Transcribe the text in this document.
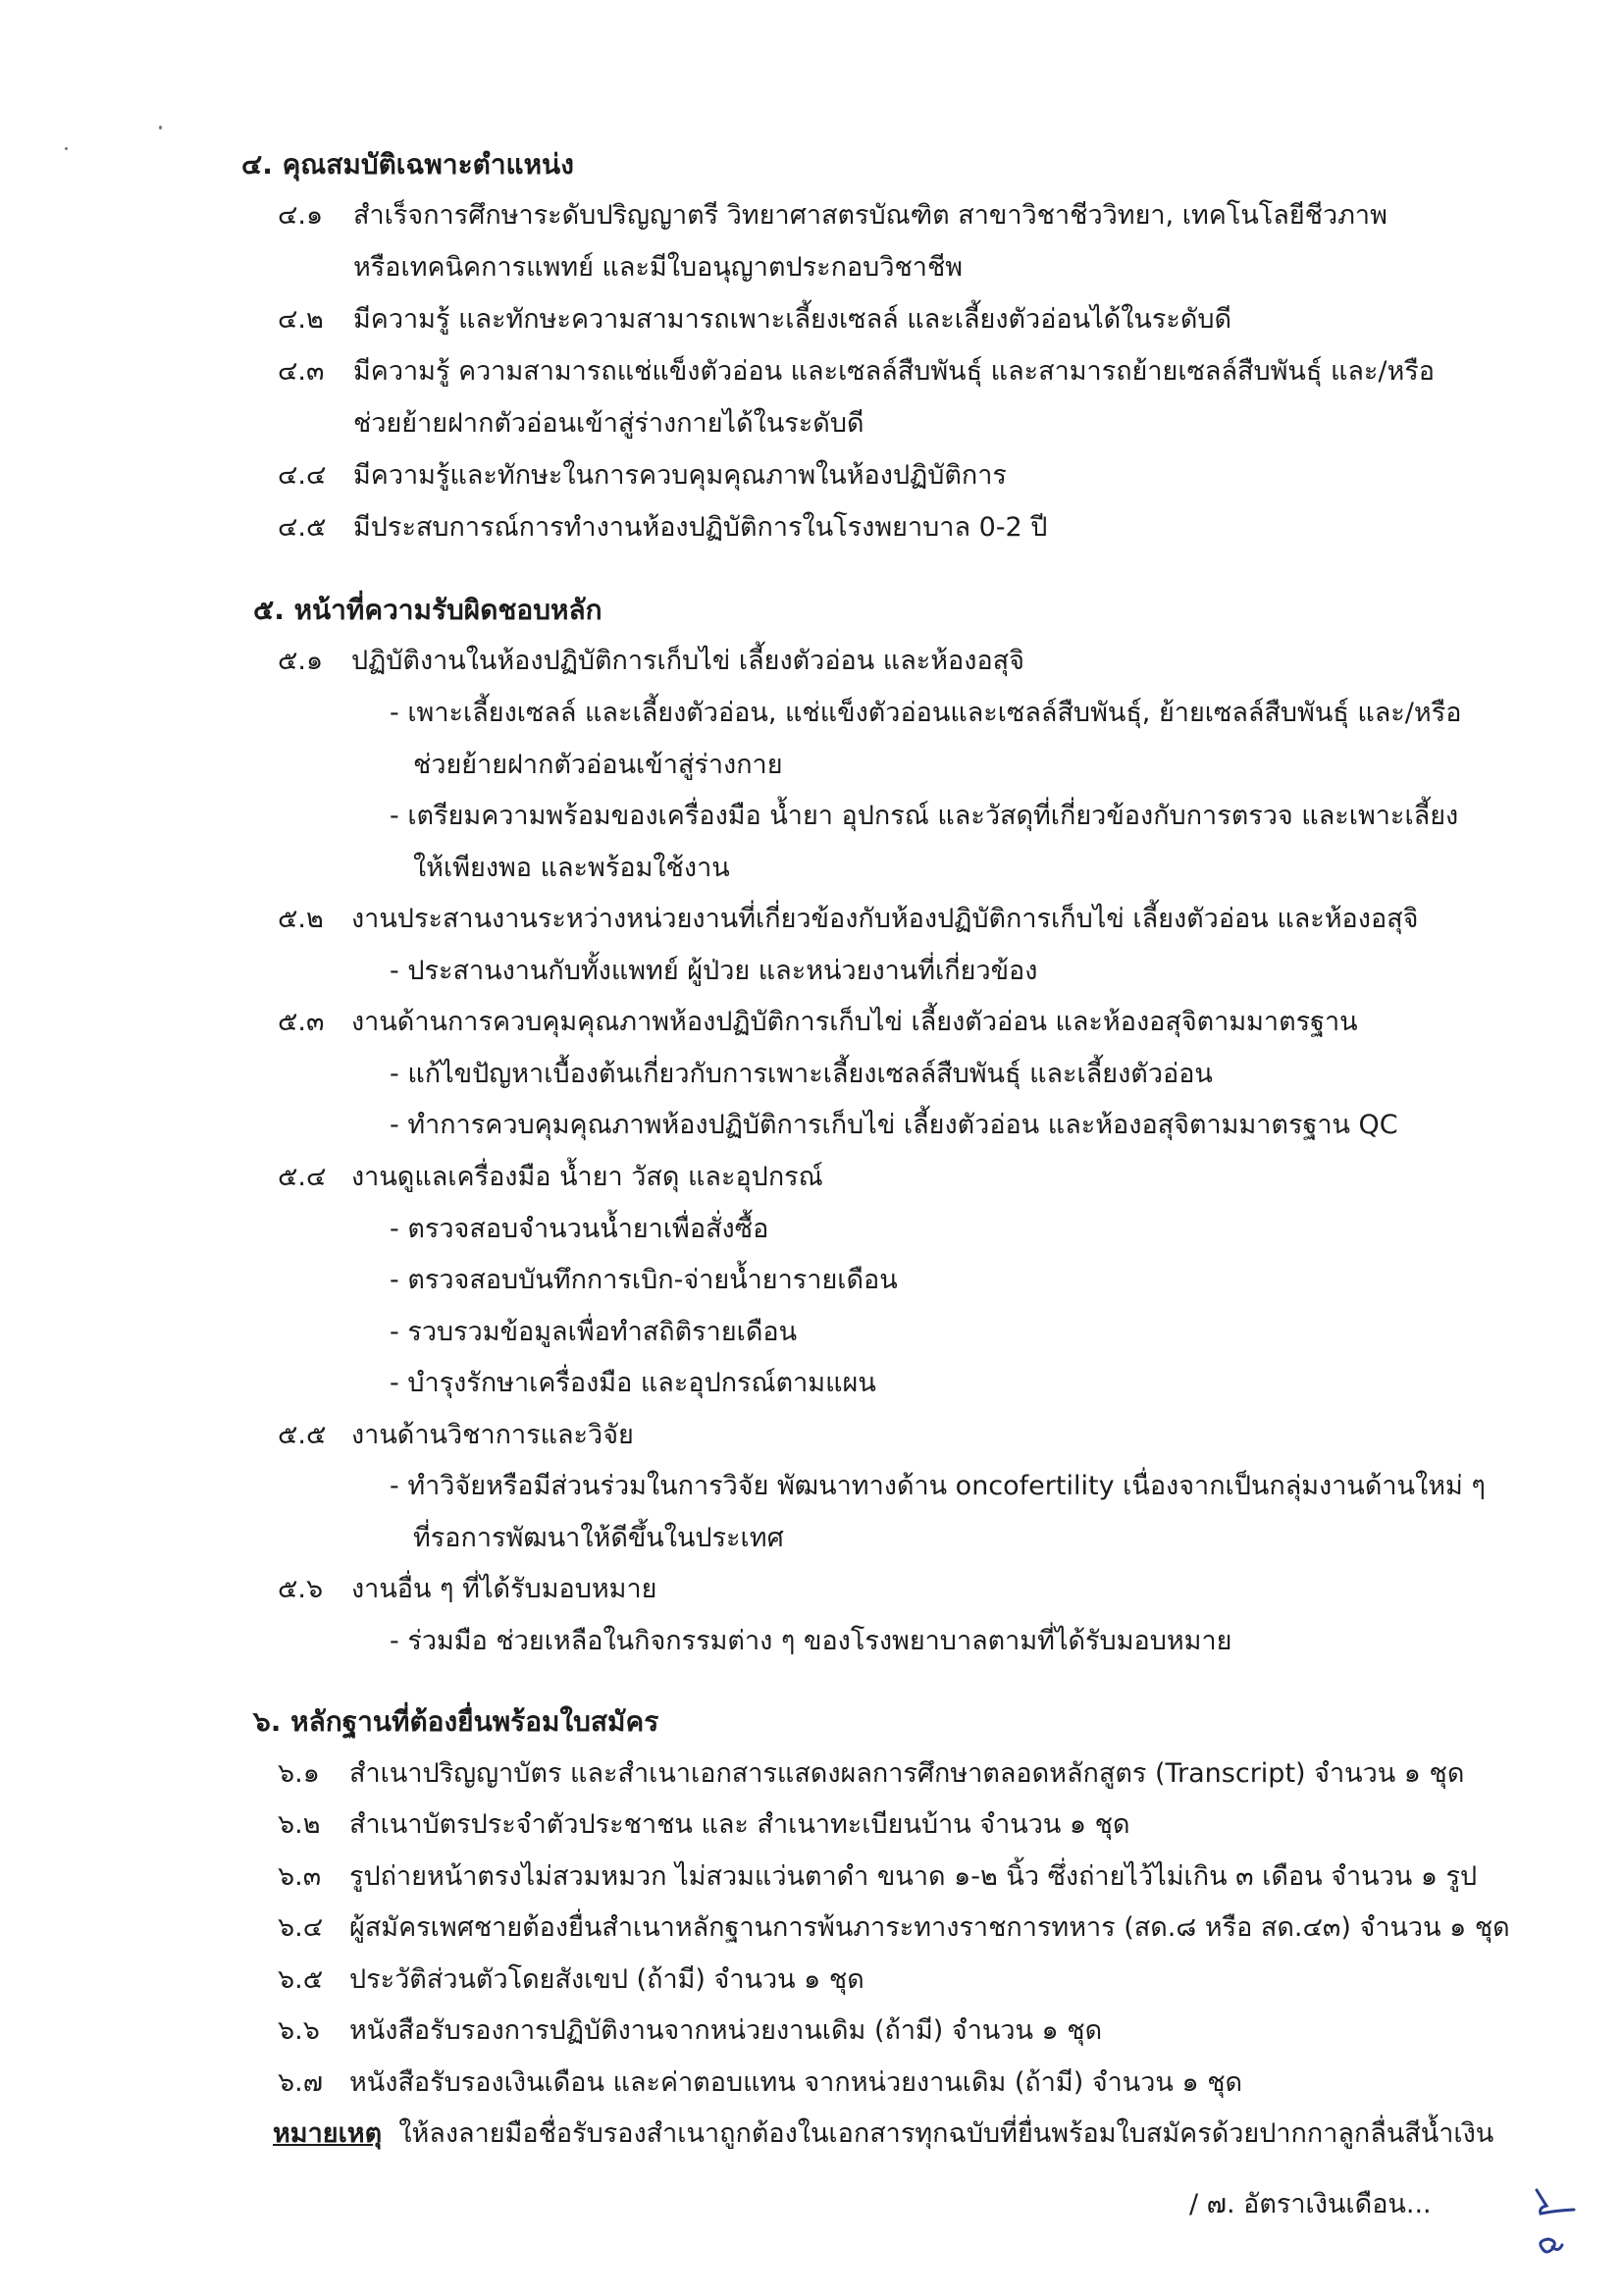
๔. คุณสมบัติเฉพาะตำแหน่ง
๔.๑ สำเร็จการศึกษาระดับปริญญาตรี วิทยาศาสตรบัณฑิต สาขาวิชาชีววิทยา, เทคโนโลยีชีวภาพ
หรือเทคนิคการแพทย์ และมีใบอนุญาตประกอบวิชาชีพ
๔.๒ มีความรู้ และทักษะความสามารถเพาะเลี้ยงเซลล์ และเลี้ยงตัวอ่อนได้ในระดับดี
๔.๓ มีความรู้ ความสามารถแช่แข็งตัวอ่อน และเซลล์สืบพันธุ์ และสามารถย้ายเซลล์สืบพันธุ์ และ/หรือ
ช่วยย้ายฝากตัวอ่อนเข้าสู่ร่างกายได้ในระดับดี
๔.๔ มีความรู้และทักษะในการควบคุมคุณภาพในห้องปฏิบัติการ
๔.๕ มีประสบการณ์การทำงานห้องปฏิบัติการในโรงพยาบาล 0-2 ปี
๕. หน้าที่ความรับผิดชอบหลัก
๕.๑ ปฏิบัติงานในห้องปฏิบัติการเก็บไข่ เลี้ยงตัวอ่อน และห้องอสุจิ
- เพาะเลี้ยงเซลล์ และเลี้ยงตัวอ่อน, แช่แข็งตัวอ่อนและเซลล์สืบพันธุ์, ย้ายเซลล์สืบพันธุ์ และ/หรือ
ช่วยย้ายฝากตัวอ่อนเข้าสู่ร่างกาย
- เตรียมความพร้อมของเครื่องมือ น้ำยา อุปกรณ์ และวัสดุที่เกี่ยวข้องกับการตรวจ และเพาะเลี้ยง
ให้เพียงพอ และพร้อมใช้งาน
๕.๒ งานประสานงานระหว่างหน่วยงานที่เกี่ยวข้องกับห้องปฏิบัติการเก็บไข่ เลี้ยงตัวอ่อน และห้องอสุจิ
- ประสานงานกับทั้งแพทย์ ผู้ป่วย และหน่วยงานที่เกี่ยวข้อง
๕.๓ งานด้านการควบคุมคุณภาพห้องปฏิบัติการเก็บไข่ เลี้ยงตัวอ่อน และห้องอสุจิตามมาตรฐาน
- แก้ไขปัญหาเบื้องต้นเกี่ยวกับการเพาะเลี้ยงเซลล์สืบพันธุ์ และเลี้ยงตัวอ่อน
- ทำการควบคุมคุณภาพห้องปฏิบัติการเก็บไข่ เลี้ยงตัวอ่อน และห้องอสุจิตามมาตรฐาน QC
๕.๔ งานดูแลเครื่องมือ น้ำยา วัสดุ และอุปกรณ์
- ตรวจสอบจำนวนน้ำยาเพื่อสั่งซื้อ
- ตรวจสอบบันทึกการเบิก-จ่ายน้ำยารายเดือน
- รวบรวมข้อมูลเพื่อทำสถิติรายเดือน
- บำรุงรักษาเครื่องมือ และอุปกรณ์ตามแผน
๕.๕ งานด้านวิชาการและวิจัย
- ทำวิจัยหรือมีส่วนร่วมในการวิจัย พัฒนาทางด้าน oncofertility เนื่องจากเป็นกลุ่มงานด้านใหม่ ๆ
ที่รอการพัฒนาให้ดีขึ้นในประเทศ
๕.๖ งานอื่น ๆ ที่ได้รับมอบหมาย
- ร่วมมือ ช่วยเหลือในกิจกรรมต่าง ๆ ของโรงพยาบาลตามที่ได้รับมอบหมาย
๖. หลักฐานที่ต้องยื่นพร้อมใบสมัคร
๖.๑ สำเนาปริญญาบัตร และสำเนาเอกสารแสดงผลการศึกษาตลอดหลักสูตร (Transcript) จำนวน ๑ ชุด
๖.๒ สำเนาบัตรประจำตัวประชาชน และ สำเนาทะเบียนบ้าน จำนวน ๑ ชุด
๖.๓ รูปถ่ายหน้าตรงไม่สวมหมวก ไม่สวมแว่นตาดำ ขนาด ๑-๒ นิ้ว ซึ่งถ่ายไว้ไม่เกิน ๓ เดือน จำนวน ๑ รูป
๖.๔ ผู้สมัครเพศชายต้องยื่นสำเนาหลักฐานการพ้นภาระทางราชการทหาร (สด.๘ หรือ สด.๔๓) จำนวน ๑ ชุด
๖.๕ ประวัติส่วนตัวโดยสังเขป (ถ้ามี) จำนวน ๑ ชุด
๖.๖ หนังสือรับรองการปฏิบัติงานจากหน่วยงานเดิม (ถ้ามี) จำนวน ๑ ชุด
๖.๗ หนังสือรับรองเงินเดือน และค่าตอบแทน จากหน่วยงานเดิม (ถ้ามี) จำนวน ๑ ชุด
หมายเหตุ ให้ลงลายมือชื่อรับรองสำเนาถูกต้องในเอกสารทุกฉบับที่ยื่นพร้อมใบสมัครด้วยปากกาลูกลื่นสีน้ำเงิน
/ ๗. อัตราเงินเดือน...
